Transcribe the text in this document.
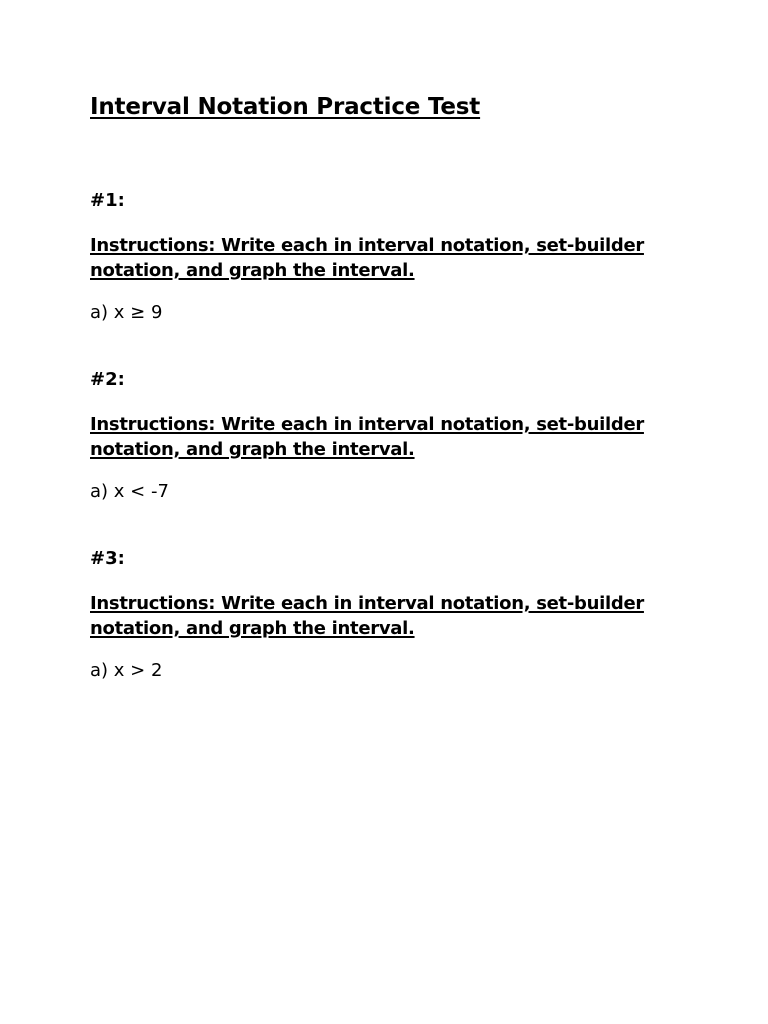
Interval Notation Practice Test

#1:

Instructions: Write each in interval notation, set-builder notation, and graph the interval.

a) x ≥ 9

#2:

Instructions: Write each in interval notation, set-builder notation, and graph the interval.

a) x < -7

#3:

Instructions: Write each in interval notation, set-builder notation, and graph the interval.

a) x > 2
